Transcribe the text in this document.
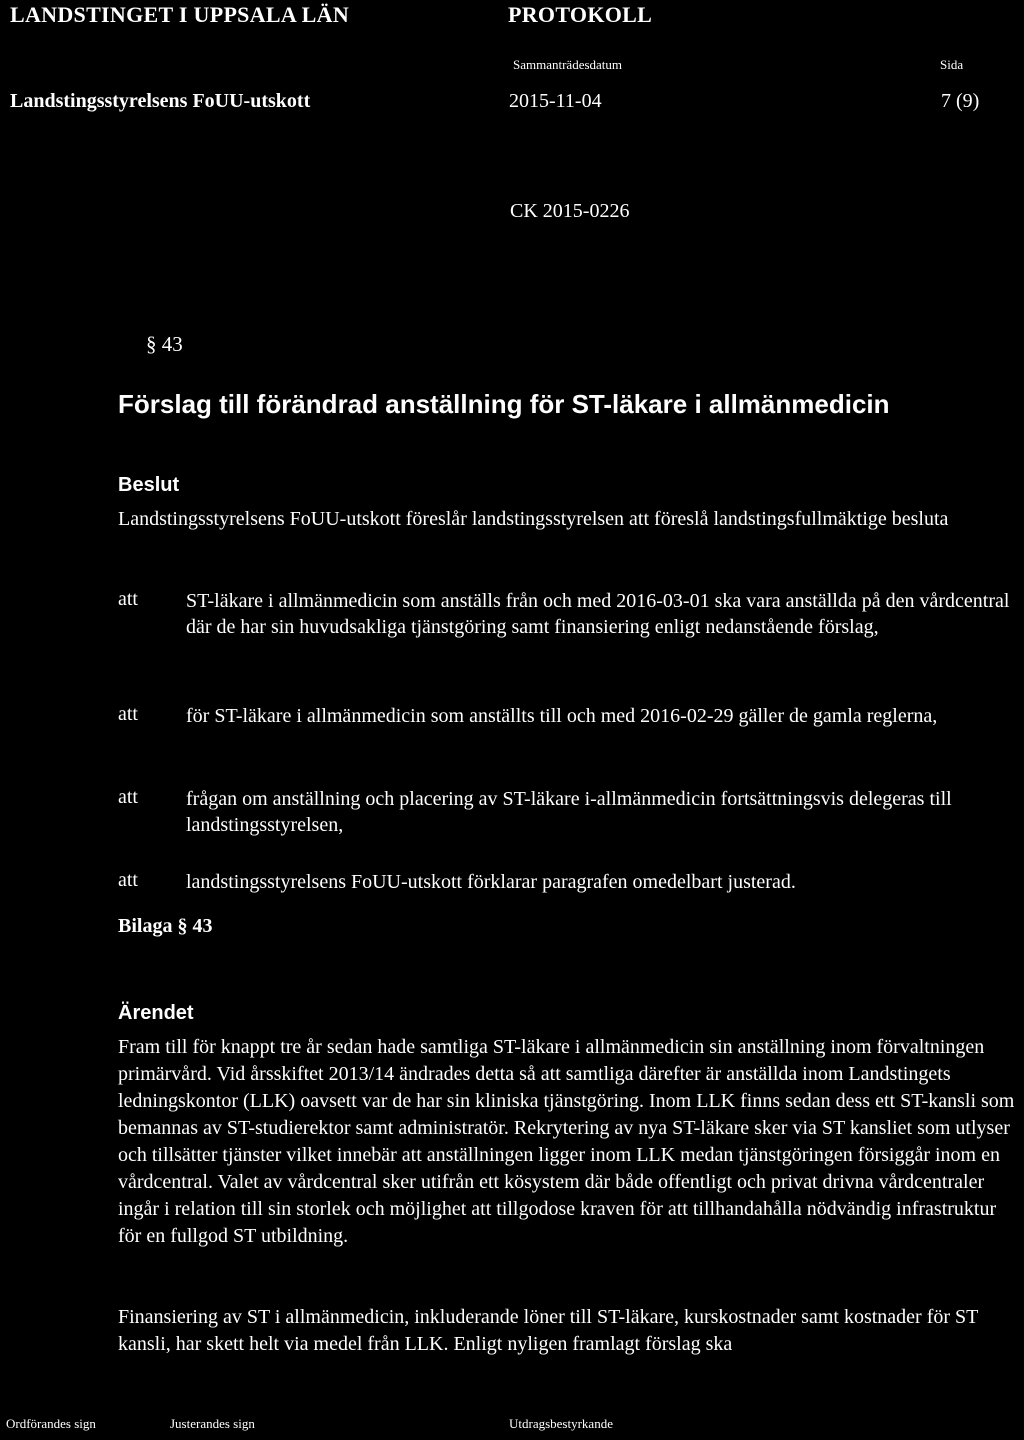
LANDSTINGET I UPPSALA LÄN	PROTOKOLL
Sammanträdesdatum	Sida
Landstingsstyrelsens FoUU-utskott	2015-11-04	7 (9)
CK 2015-0226
§ 43
Förslag till förändrad anställning för ST-läkare i allmänmedicin
Beslut
Landstingsstyrelsens FoUU-utskott föreslår landstingsstyrelsen att föreslå landstingsfullmäktige besluta
att ST-läkare i allmänmedicin som anställs från och med 2016-03-01 ska vara anställda på den vårdcentral där de har sin huvudsakliga tjänstgöring samt finansiering enligt nedanstående förslag,
att för ST-läkare i allmänmedicin som anställts till och med 2016-02-29 gäller de gamla reglerna,
att frågan om anställning och placering av ST-läkare i-allmänmedicin fortsättningsvis delegeras till landstingsstyrelsen,
att landstingsstyrelsens FoUU-utskott förklarar paragrafen omedelbart justerad.
Bilaga § 43
Ärendet
Fram till för knappt tre år sedan hade samtliga ST-läkare i allmänmedicin sin anställning inom förvaltningen primärvård. Vid årsskiftet 2013/14 ändrades detta så att samtliga därefter är anställda inom Landstingets ledningskontor (LLK) oavsett var de har sin kliniska tjänstgöring. Inom LLK finns sedan dess ett ST-kansli som bemannas av ST-studierektor samt administratör. Rekrytering av nya ST-läkare sker via ST kansliet som utlyser och tillsätter tjänster vilket innebär att anställningen ligger inom LLK medan tjänstgöringen försiggår inom en vårdcentral. Valet av vårdcentral sker utifrån ett kösystem där både offentligt och privat drivna vårdcentraler ingår i relation till sin storlek och möjlighet att tillgodose kraven för att tillhandahålla nödvändig infrastruktur för en fullgod ST utbildning.
Finansiering av ST i allmänmedicin, inkluderande löner till ST-läkare, kurskostnader samt kostnader för ST kansli, har skett helt via medel från LLK. Enligt nyligen framlagt förslag ska
Ordförandes sign	Justerandes sign	Utdragsbestyrkande
